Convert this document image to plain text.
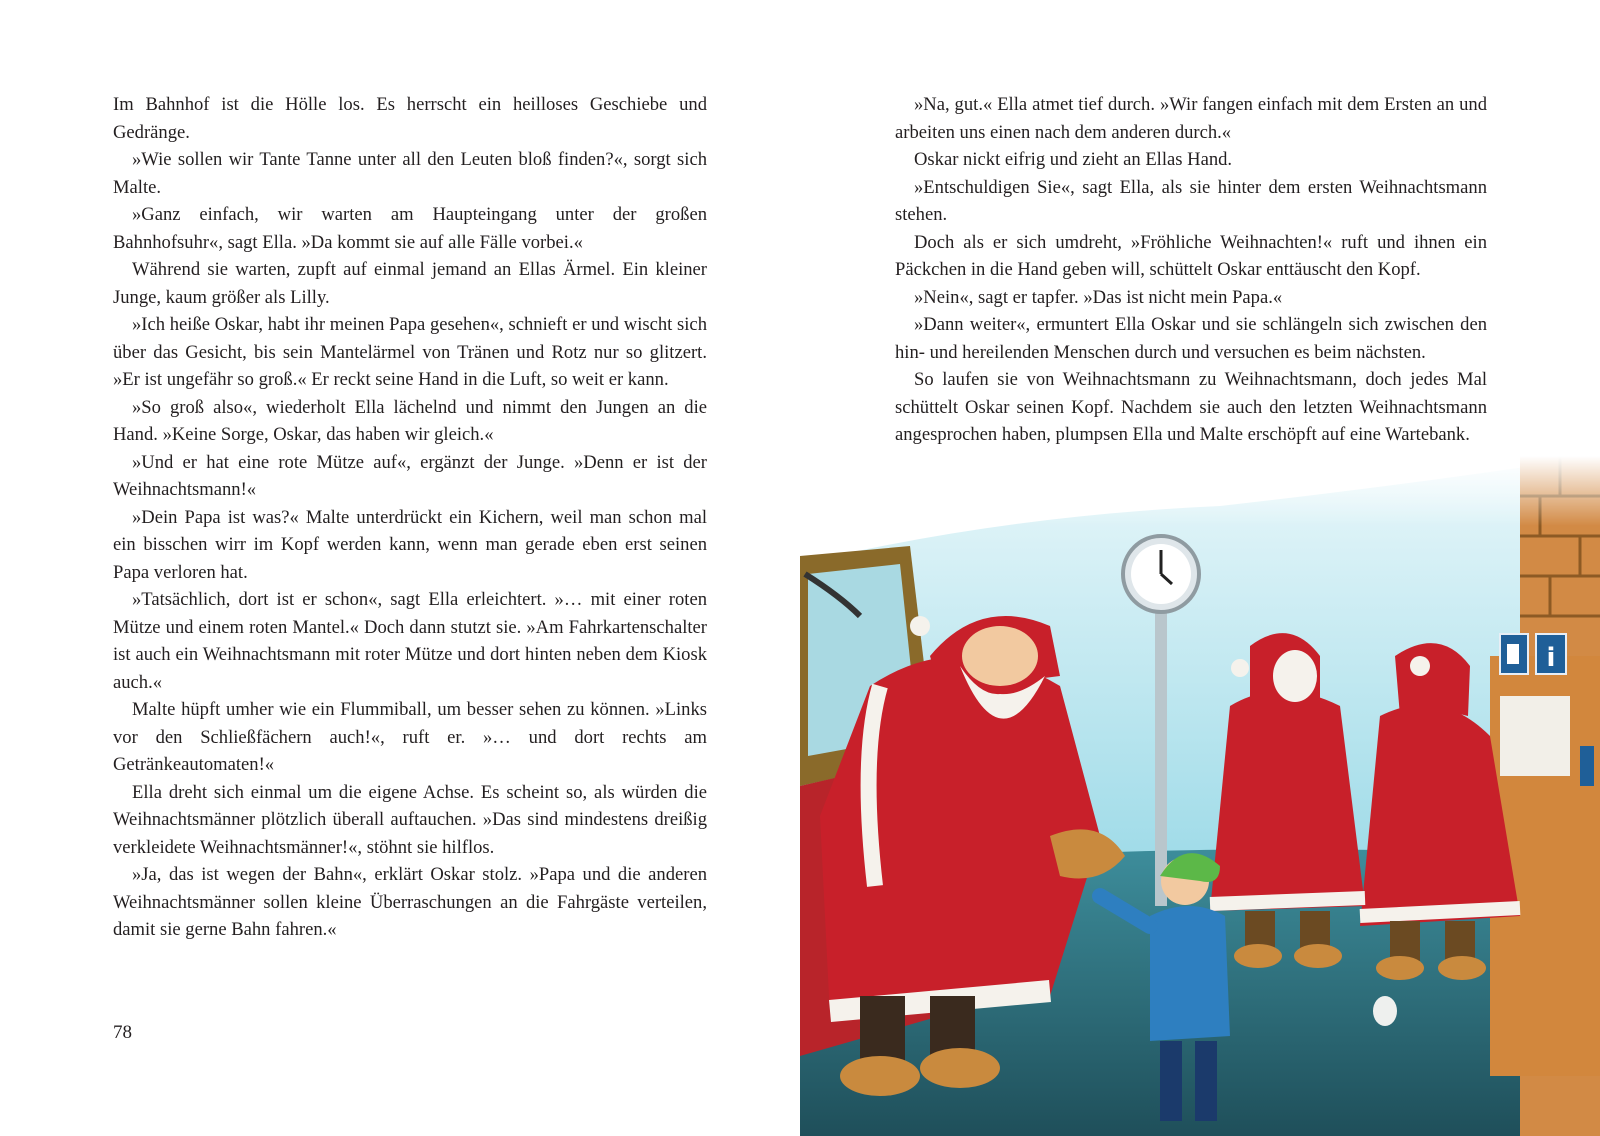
Im Bahnhof ist die Hölle los. Es herrscht ein heilloses Geschiebe und Gedränge.

»Wie sollen wir Tante Tanne unter all den Leuten bloß finden?«, sorgt sich Malte.

»Ganz einfach, wir warten am Haupteingang unter der großen Bahnhofsuhr«, sagt Ella. »Da kommt sie auf alle Fälle vorbei.«

Während sie warten, zupft auf einmal jemand an Ellas Ärmel. Ein kleiner Junge, kaum größer als Lilly.

»Ich heiße Oskar, habt ihr meinen Papa gesehen«, schnieft er und wischt sich über das Gesicht, bis sein Mantelärmel von Tränen und Rotz nur so glitzert. »Er ist ungefähr so groß.« Er reckt seine Hand in die Luft, so weit er kann.

»So groß also«, wiederholt Ella lächelnd und nimmt den Jungen an die Hand. »Keine Sorge, Oskar, das haben wir gleich.«

»Und er hat eine rote Mütze auf«, ergänzt der Junge. »Denn er ist der Weihnachtsmann!«

»Dein Papa ist was?« Malte unterdrückt ein Kichern, weil man schon mal ein bisschen wirr im Kopf werden kann, wenn man gerade eben erst seinen Papa verloren hat.

»Tatsächlich, dort ist er schon«, sagt Ella erleichtert. »… mit einer roten Mütze und einem roten Mantel.« Doch dann stutzt sie. »Am Fahrkartenschalter ist auch ein Weihnachtsmann mit roter Mütze und dort hinten neben dem Kiosk auch.«

Malte hüpft umher wie ein Flummiball, um besser sehen zu können. »Links vor den Schließfächern auch!«, ruft er. »… und dort rechts am Getränkeautomaten!«

Ella dreht sich einmal um die eigene Achse. Es scheint so, als würden die Weihnachtsmänner plötzlich überall auftauchen. »Das sind mindestens dreißig verkleidete Weihnachtsmänner!«, stöhnt sie hilflos.

»Ja, das ist wegen der Bahn«, erklärt Oskar stolz. »Papa und die anderen Weihnachtsmänner sollen kleine Überraschungen an die Fahrgäste verteilen, damit sie gerne Bahn fahren.«

78

»Na, gut.« Ella atmet tief durch. »Wir fangen einfach mit dem Ersten an und arbeiten uns einen nach dem anderen durch.«

Oskar nickt eifrig und zieht an Ellas Hand.

»Entschuldigen Sie«, sagt Ella, als sie hinter dem ersten Weihnachtsmann stehen.

Doch als er sich umdreht, »Fröhliche Weihnachten!« ruft und ihnen ein Päckchen in die Hand geben will, schüttelt Oskar enttäuscht den Kopf.

»Nein«, sagt er tapfer. »Das ist nicht mein Papa.«

»Dann weiter«, ermuntert Ella Oskar und sie schlängeln sich zwischen den hin- und hereilenden Menschen durch und versuchen es beim nächsten.

So laufen sie von Weihnachtsmann zu Weihnachtsmann, doch jedes Mal schüttelt Oskar seinen Kopf. Nachdem sie auch den letzten Weihnachtsmann angesprochen haben, plumpsen Ella und Malte erschöpft auf eine Wartebank.

i
